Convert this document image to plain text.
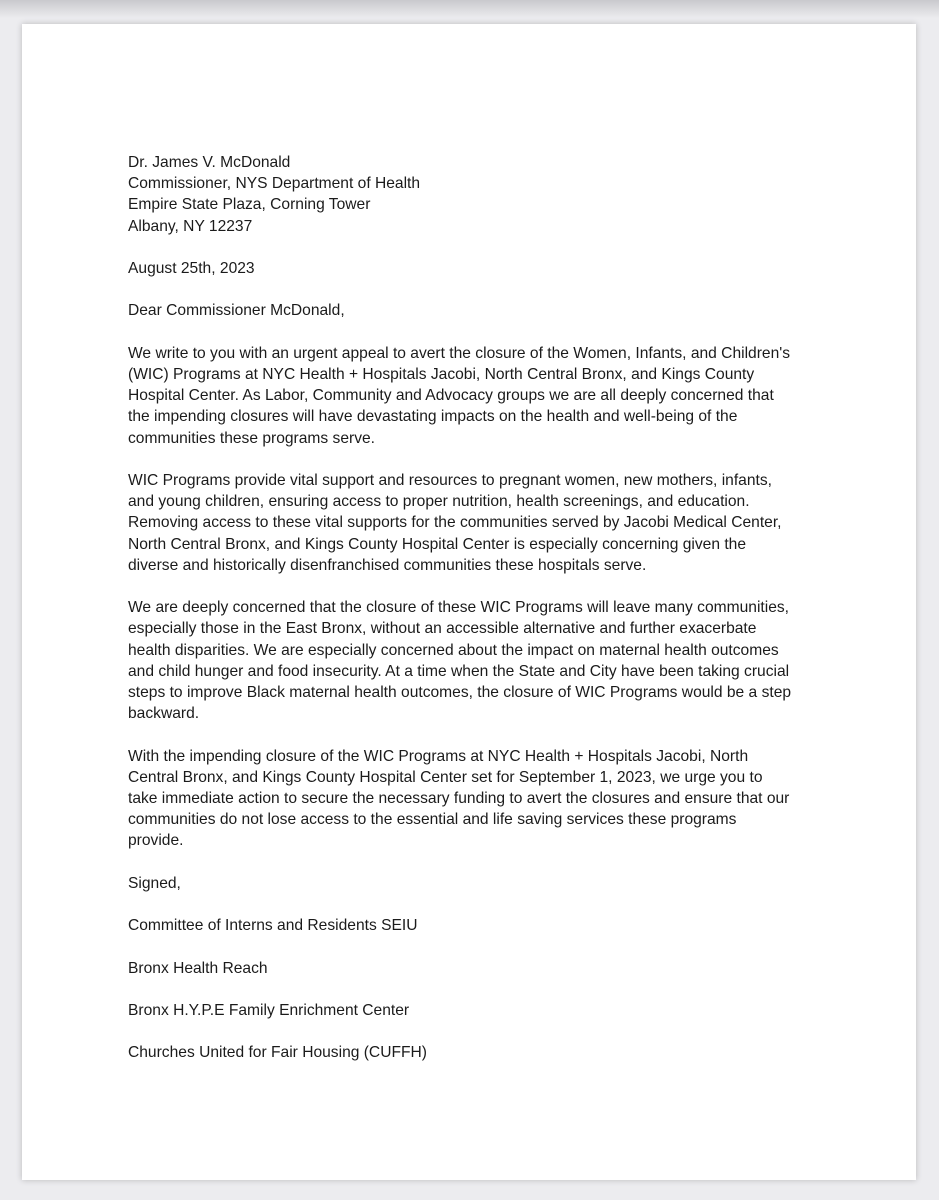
Dr. James V. McDonald
Commissioner, NYS Department of Health
Empire State Plaza, Corning Tower
Albany, NY 12237
August 25th, 2023
Dear Commissioner McDonald,
We write to you with an urgent appeal to avert the closure of the Women, Infants, and Children's
(WIC) Programs at NYC Health + Hospitals Jacobi, North Central Bronx, and Kings County
Hospital Center. As Labor, Community and Advocacy groups we are all deeply concerned that
the impending closures will have devastating impacts on the health and well-being of the
communities these programs serve.
WIC Programs provide vital support and resources to pregnant women, new mothers, infants,
and young children, ensuring access to proper nutrition, health screenings, and education.
Removing access to these vital supports for the communities served by Jacobi Medical Center,
North Central Bronx, and Kings County Hospital Center is especially concerning given the
diverse and historically disenfranchised communities these hospitals serve.
We are deeply concerned that the closure of these WIC Programs will leave many communities,
especially those in the East Bronx, without an accessible alternative and further exacerbate
health disparities. We are especially concerned about the impact on maternal health outcomes
and child hunger and food insecurity. At a time when the State and City have been taking crucial
steps to improve Black maternal health outcomes, the closure of WIC Programs would be a step
backward.
With the impending closure of the WIC Programs at NYC Health + Hospitals Jacobi, North
Central Bronx, and Kings County Hospital Center set for September 1, 2023, we urge you to
take immediate action to secure the necessary funding to avert the closures and ensure that our
communities do not lose access to the essential and life saving services these programs
provide.
Signed,
Committee of Interns and Residents SEIU
Bronx Health Reach
Bronx H.Y.P.E Family Enrichment Center
Churches United for Fair Housing (CUFFH)
